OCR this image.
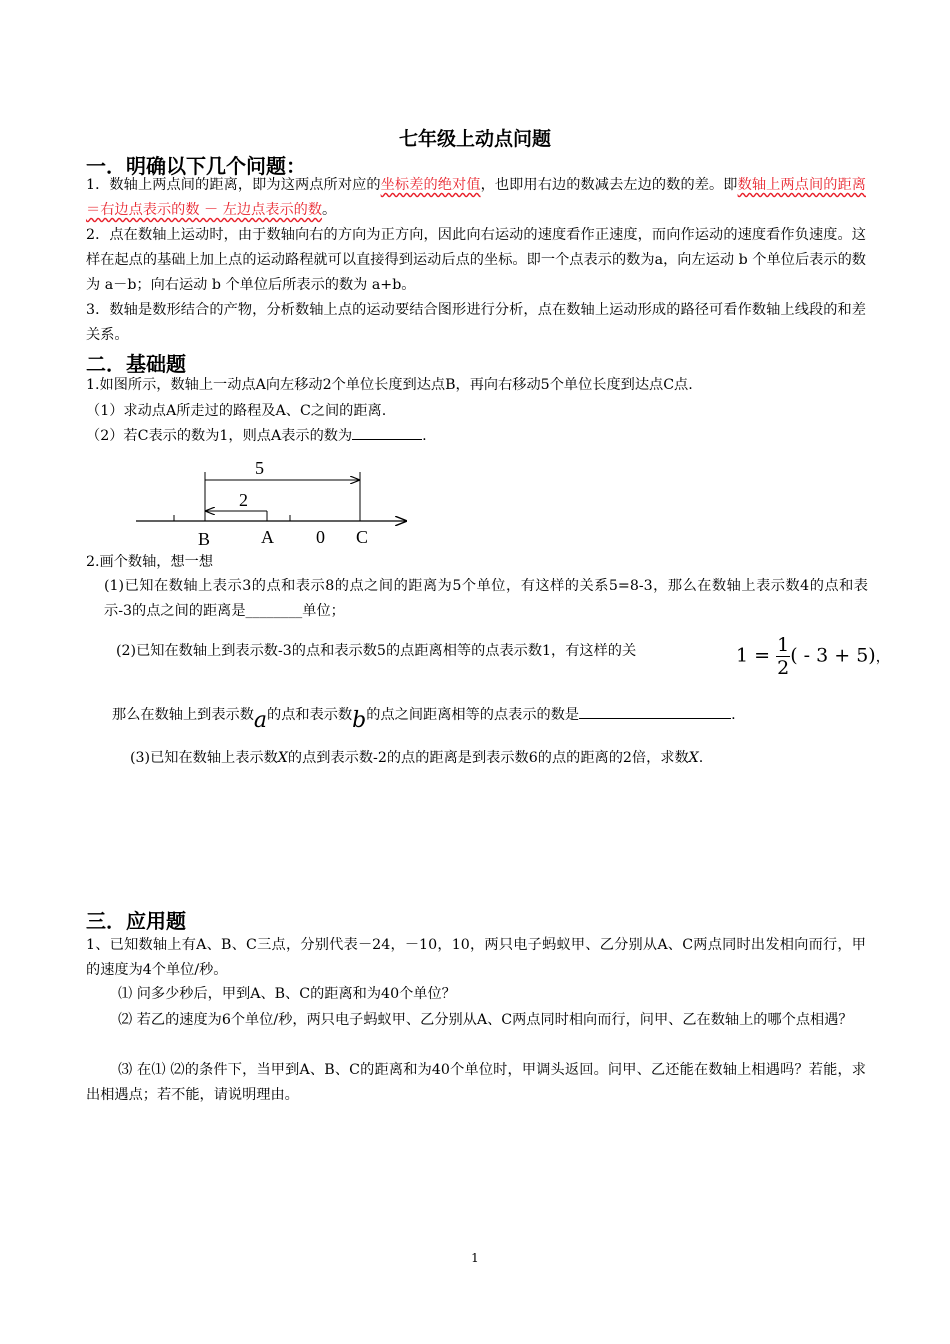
七年级上动点问题
一．明确以下几个问题：
1．数轴上两点间的距离，即为这两点所对应的坐标差的绝对值，也即用右边的数减去左边的数的差。即数轴上两点间的距离＝右边点表示的数 － 左边点表示的数。
2．点在数轴上运动时，由于数轴向右的方向为正方向，因此向右运动的速度看作正速度，而向作运动的速度看作负速度。这样在起点的基础上加上点的运动路程就可以直接得到运动后点的坐标。即一个点表示的数为a，向左运动 b 个单位后表示的数为 a－b；向右运动 b 个单位后所表示的数为 a+b。
3．数轴是数形结合的产物，分析数轴上点的运动要结合图形进行分析，点在数轴上运动形成的路径可看作数轴上线段的和差关系。
二．基础题
1.如图所示，数轴上一动点A向左移动2个单位长度到达点B，再向右移动5个单位长度到达点C点.
（1）求动点A所走过的路程及A、C之间的距离.
（2）若C表示的数为1，则点A表示的数为	.
5
2
B	A 0 C
2.画个数轴，想一想
(1)已知在数轴上表示3的点和表示8的点之间的距离为5个单位，有这样的关系5=8-3，那么在数轴上表示数4的点和表示-3的点之间的距离是________单位；
(2)已知在数轴上到表示数-3的点和表示数5的点距离相等的点表示数1，有这样的关	$1 = \frac{1}{2}$ ( - 3 + 5)，
那么在数轴上到表示数a的点和表示数b的点之间距离相等的点表示的数是	.
(3)已知在数轴上表示数X的点到表示数-2的点的距离是到表示数6的点的距离的2倍，求数X.
三．应用题
1、已知数轴上有A、B、C三点，分别代表－24，－10，10，两只电子蚂蚁甲、乙分别从A、C两点同时出发相向而行，甲的速度为4个单位/秒。
⑴ 问多少秒后，甲到A、B、C的距离和为40个单位？
⑵ 若乙的速度为6个单位/秒，两只电子蚂蚁甲、乙分别从A、C两点同时相向而行，问甲、乙在数轴上的哪个点相遇？
⑶ 在⑴ ⑵的条件下，当甲到A、B、C的距离和为40个单位时，甲调头返回。问甲、乙还能在数轴上相遇吗？若能，求出相遇点；若不能，请说明理由。
1
